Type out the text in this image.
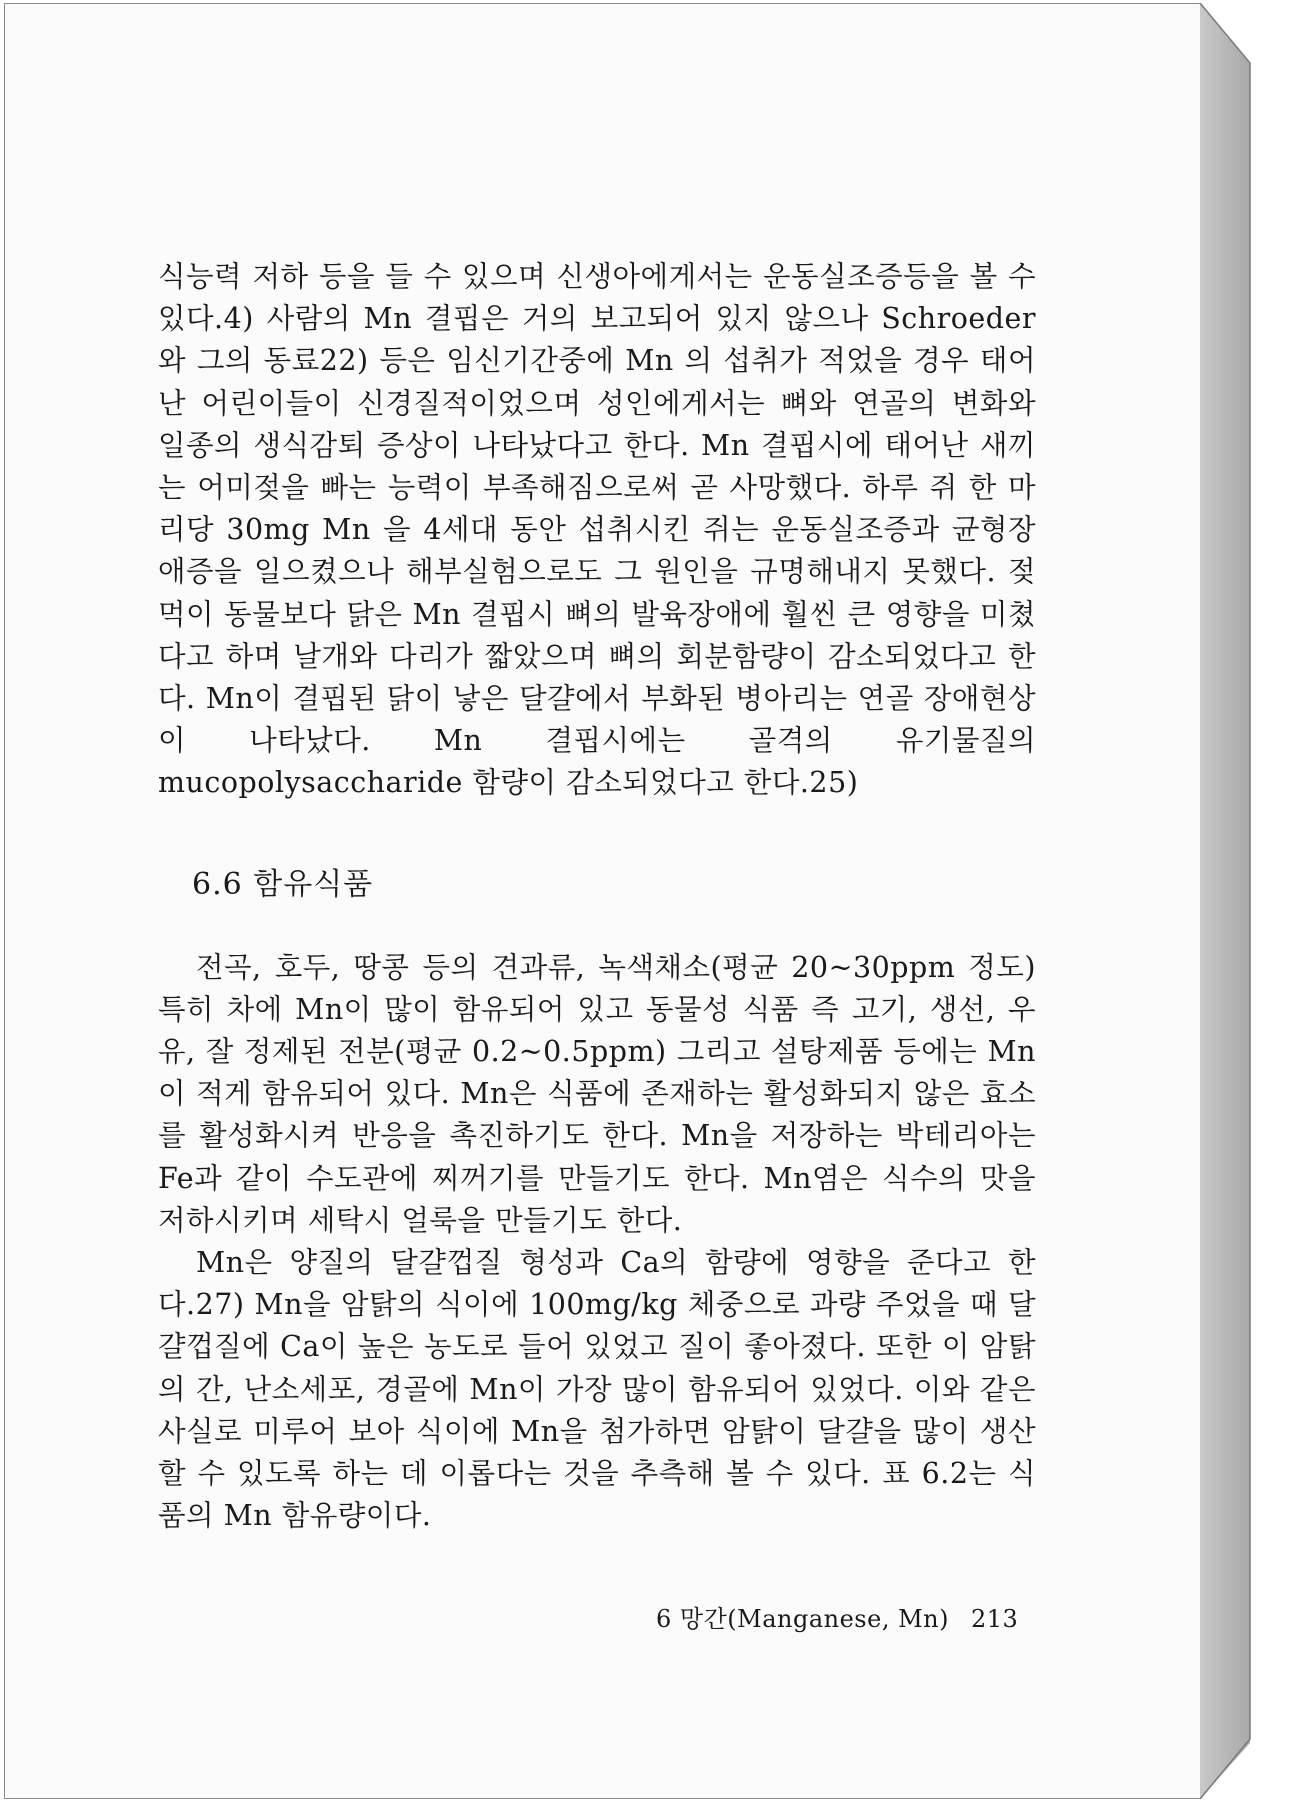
식능력 저하 등을 들 수 있으며 신생아에게서는 운동실조증등을 볼 수 있다.4) 사람의 Mn 결핍은 거의 보고되어 있지 않으나 Schroeder 와 그의 동료22) 등은 임신기간중에 Mn 의 섭취가 적었을 경우 태어난 어린이들이 신경질적이었으며 성인에게서는 뼈와 연골의 변화와 일종의 생식감퇴 증상이 나타났다고 한다. Mn 결핍시에 태어난 새끼는 어미젖을 빠는 능력이 부족해짐으로써 곧 사망했다. 하루 쥐 한 마리당 30mg Mn 을 4세대 동안 섭취시킨 쥐는 운동실조증과 균형장애증을 일으켰으나 해부실험으로도 그 원인을 규명해내지 못했다. 젖먹이 동물보다 닭은 Mn 결핍시 뼈의 발육장애에 훨씬 큰 영향을 미쳤다고 하며 날개와 다리가 짧았으며 뼈의 회분함량이 감소되었다고 한다. Mn이 결핍된 닭이 낳은 달걀에서 부화된 병아리는 연골 장애현상이 나타났다. Mn 결핍시에는 골격의 유기물질의 mucopolysaccharide 함량이 감소되었다고 한다.25)

6.6 함유식품

전곡, 호두, 땅콩 등의 견과류, 녹색채소(평균 20~30ppm 정도) 특히 차에 Mn이 많이 함유되어 있고 동물성 식품 즉 고기, 생선, 우유, 잘 정제된 전분(평균 0.2~0.5ppm) 그리고 설탕제품 등에는 Mn이 적게 함유되어 있다. Mn은 식품에 존재하는 활성화되지 않은 효소를 활성화시켜 반응을 촉진하기도 한다. Mn을 저장하는 박테리아는 Fe과 같이 수도관에 찌꺼기를 만들기도 한다. Mn염은 식수의 맛을 저하시키며 세탁시 얼룩을 만들기도 한다.

Mn은 양질의 달걀껍질 형성과 Ca의 함량에 영향을 준다고 한다.27) Mn을 암탉의 식이에 100mg/kg 체중으로 과량 주었을 때 달걀껍질에 Ca이 높은 농도로 들어 있었고 질이 좋아졌다. 또한 이 암탉의 간, 난소세포, 경골에 Mn이 가장 많이 함유되어 있었다. 이와 같은 사실로 미루어 보아 식이에 Mn을 첨가하면 암탉이 달걀을 많이 생산할 수 있도록 하는 데 이롭다는 것을 추측해 볼 수 있다. 표 6.2는 식품의 Mn 함유량이다.

6 망간(Manganese, Mn) 213
